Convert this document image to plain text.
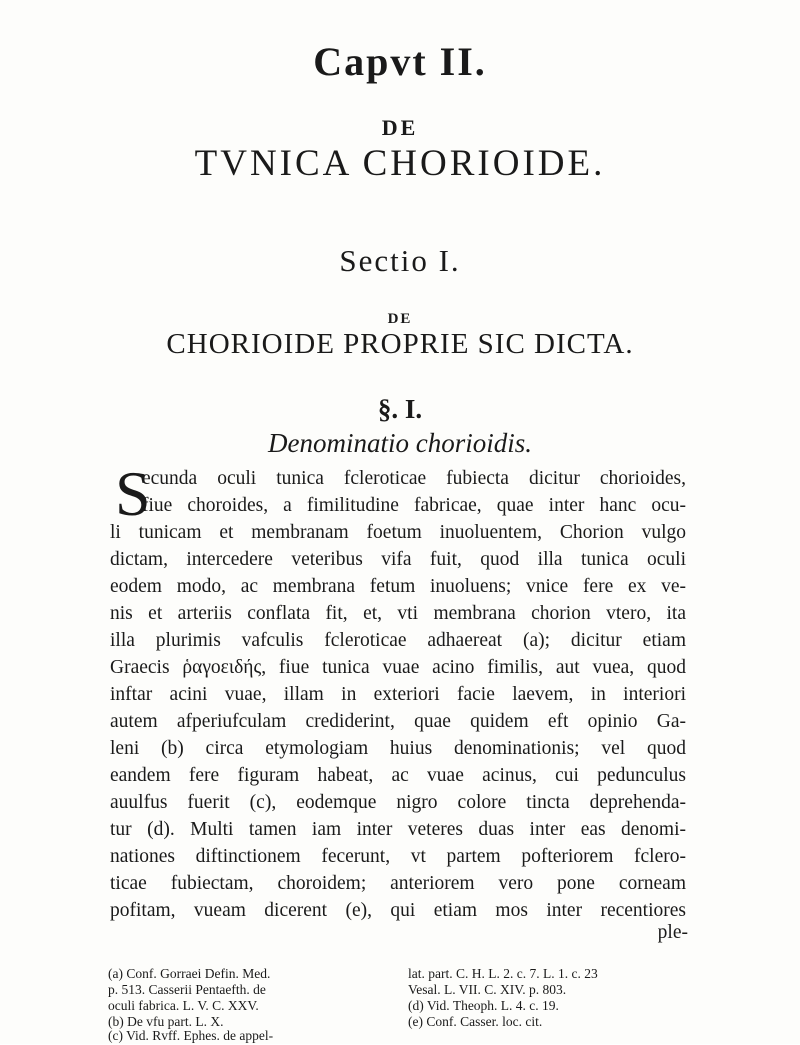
Capvt II.
DE
TVNICA CHORIOIDE.
Sectio I.
DE
CHORIOIDE PROPRIE SIC DICTA.
§. I.
Denominatio chorioidis.
S
ecunda oculi tunica fcleroticae fubiecta dicitur chorioides,
fiue choroides, a fimilitudine fabricae, quae inter hanc ocu-
li tunicam et membranam foetum inuoluentem, Chorion vulgo
dictam, intercedere veteribus vifa fuit, quod illa tunica oculi
eodem modo, ac membrana fetum inuoluens; vnice fere ex ve-
nis et arteriis conflata fit, et, vti membrana chorion vtero, ita
illa plurimis vafculis fcleroticae adhaereat (a); dicitur etiam
Graecis ῥαγοειδής, fiue tunica vuae acino fimilis, aut vuea, quod
inftar acini vuae, illam in exteriori facie laevem, in interiori
autem afperiufculam crediderint, quae quidem eft opinio Ga-
leni (b) circa etymologiam huius denominationis; vel quod
eandem fere figuram habeat, ac vuae acinus, cui pedunculus
auulfus fuerit (c), eodemque nigro colore tincta deprehenda-
tur (d). Multi tamen iam inter veteres duas inter eas denomi-
nationes diftinctionem fecerunt, vt partem pofteriorem fclero-
ticae fubiectam, choroidem; anteriorem vero pone corneam
pofitam, vueam dicerent (e), qui etiam mos inter recentiores
ple-
(a) Conf. Gorraei Defin. Med.
p. 513. Casserii Pentaefth. de
oculi fabrica. L. V. C. XXV.
lat. part. C. H. L. 2. c. 7. L. 1. c. 23
Vesal. L. VII. C. XIV. p. 803.
(d) Vid. Theoph. L. 4. c. 19.
(b) De vfu part. L. X.	(e) Conf. Casser. loc. cit.
(c) Vid. Rvff. Ephes. de appel-
